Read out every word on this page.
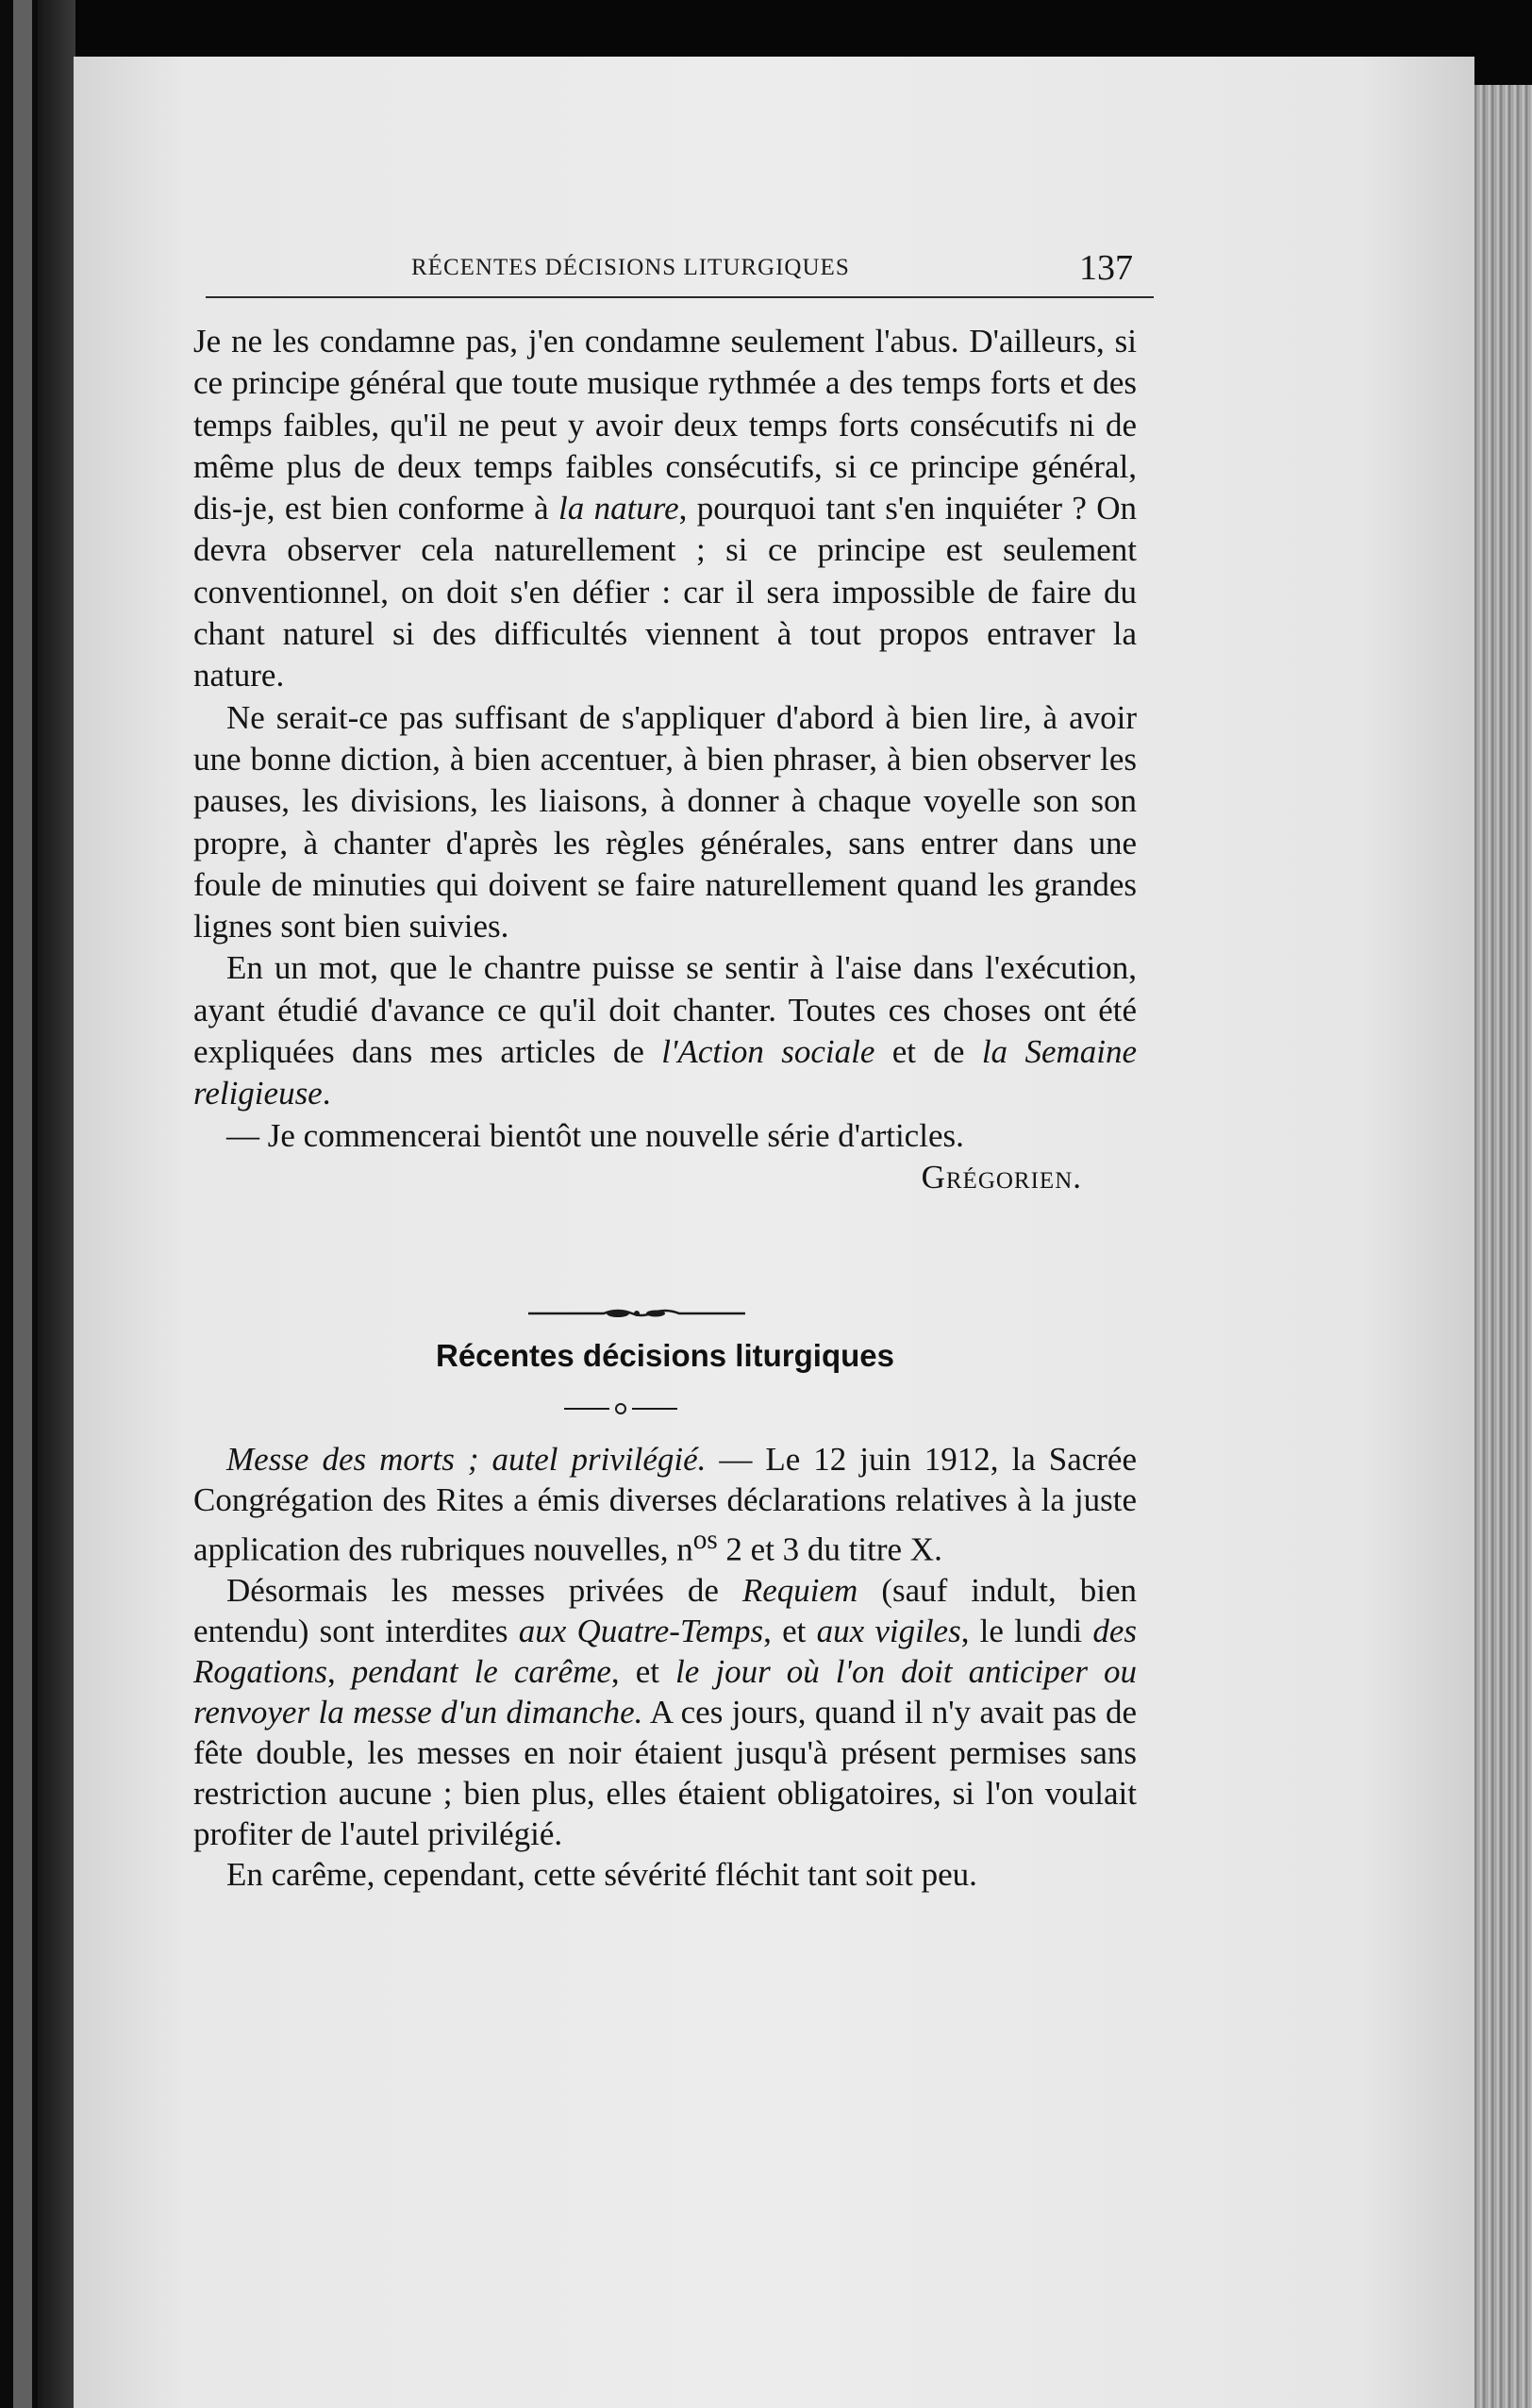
RÉCENTES DÉCISIONS LITURGIQUES	137

Je ne les condamne pas, j'en condamne seulement l'abus. D'ailleurs, si ce principe général que toute musique rythmée a des temps forts et des temps faibles, qu'il ne peut y avoir deux temps forts consécutifs ni de même plus de deux temps faibles consécutifs, si ce principe général, dis-je, est bien conforme à la nature, pourquoi tant s'en inquiéter ? On devra observer cela naturellement ; si ce principe est seulement conventionnel, on doit s'en défier : car il sera impossible de faire du chant naturel si des difficultés viennent à tout propos entraver la nature.

Ne serait-ce pas suffisant de s'appliquer d'abord à bien lire, à avoir une bonne diction, à bien accentuer, à bien phraser, à bien observer les pauses, les divisions, les liaisons, à donner à chaque voyelle son son propre, à chanter d'après les règles générales, sans entrer dans une foule de minuties qui doivent se faire naturellement quand les grandes lignes sont bien suivies.

En un mot, que le chantre puisse se sentir à l'aise dans l'exécution, ayant étudié d'avance ce qu'il doit chanter. Toutes ces choses ont été expliquées dans mes articles de l'Action sociale et de la Semaine religieuse.

— Je commencerai bientôt une nouvelle série d'articles.

Grégorien.

Récentes décisions liturgiques

Messe des morts ; autel privilégié. — Le 12 juin 1912, la Sacrée Congrégation des Rites a émis diverses déclarations relatives à la juste application des rubriques nouvelles, $n^{os}$ 2 et 3 du titre X.

Désormais les messes privées de Requiem (sauf indult, bien entendu) sont interdites aux Quatre-Temps, et aux vigiles, le lundi des Rogations, pendant le carême, et le jour où l'on doit anticiper ou renvoyer la messe d'un dimanche. A ces jours, quand il n'y avait pas de fête double, les messes en noir étaient jusqu'à présent permises sans restriction aucune ; bien plus, elles étaient obligatoires, si l'on voulait profiter de l'autel privilégié.

En carême, cependant, cette sévérité fléchit tant soit peu.
